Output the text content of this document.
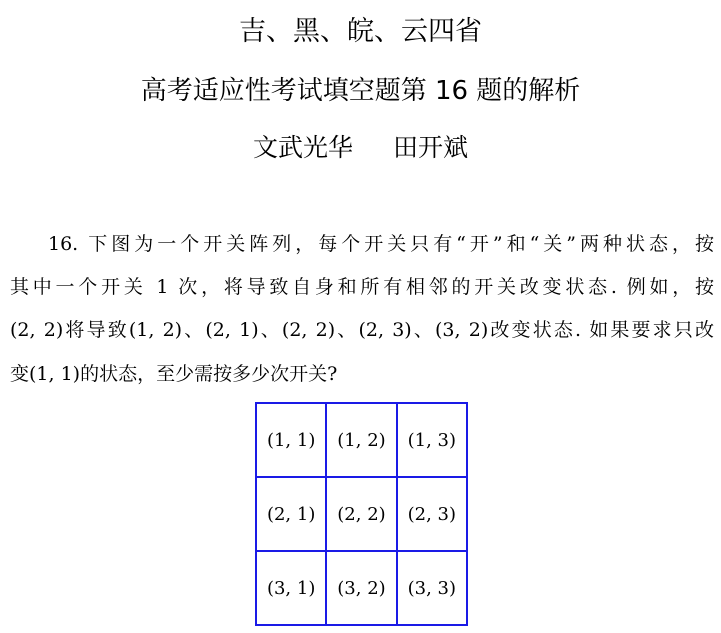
吉、黑、皖、云四省
高考适应性考试填空题第 16 题的解析
文武光华 田开斌
16. 下图为一个开关阵列，每个开关只有“开”和“关”两种状态，按
其中一个开关 1 次，将导致自身和所有相邻的开关改变状态. 例如，按
(2, 2)将导致(1, 2)、(2, 1)、(2, 2)、(2, 3)、(3, 2)改变状态. 如果要求只改
变(1, 1)的状态，至少需按多少次开关?
(1, 1)	(1, 2)	(1, 3)
(2, 1)	(2, 2)	(2, 3)
(3, 1)	(3, 2)	(3, 3)
